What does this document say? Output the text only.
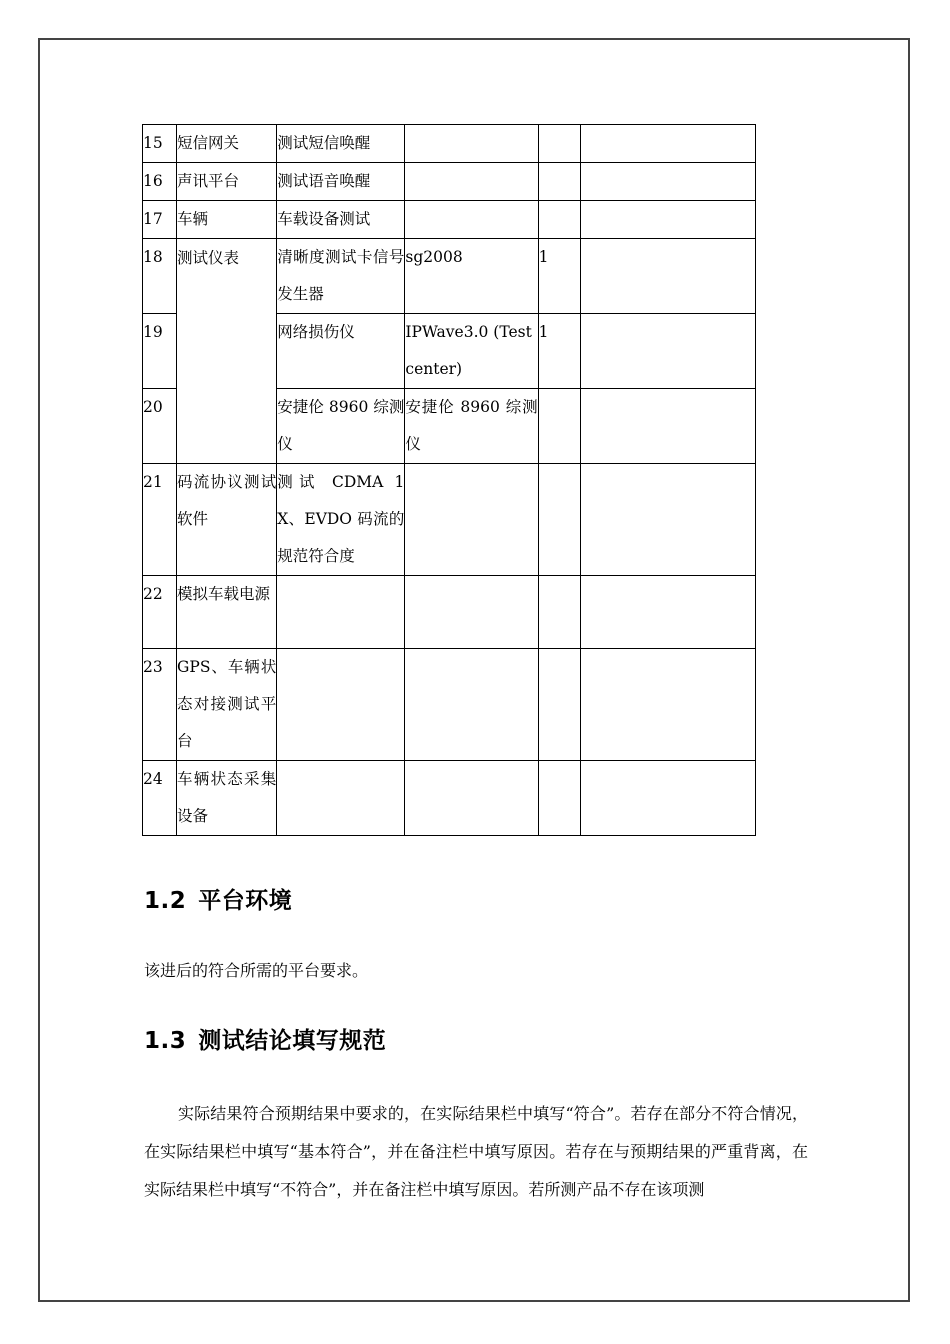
15	短信网关	测试短信唤醒			
16	声讯平台	测试语音唤醒			
17	车辆	车载设备测试			
18	测试仪表	清晰度测试卡信号发生器	sg2008	1	
19		网络损伤仪	IPWave3.0 (Testcenter)	1	
20		安捷伦 8960 综测仪	安捷伦 8960 综测仪		
21	码流协议测试软件	测试 CDMA 1X、EVDO 码流的规范符合度			
22	模拟车载电源				
23	GPS、车辆状态对接测试平台				
24	车辆状态采集设备				
1.2 平台环境

该进后的符合所需的平台要求。

1.3 测试结论填写规范

实际结果符合预期结果中要求的，在实际结果栏中填写“符合”。若存在部分不符合情况，在实际结果栏中填写“基本符合”，并在备注栏中填写原因。若存在与预期结果的严重背离，在实际结果栏中填写“不符合”，并在备注栏中填写原因。若所测产品不存在该项测
